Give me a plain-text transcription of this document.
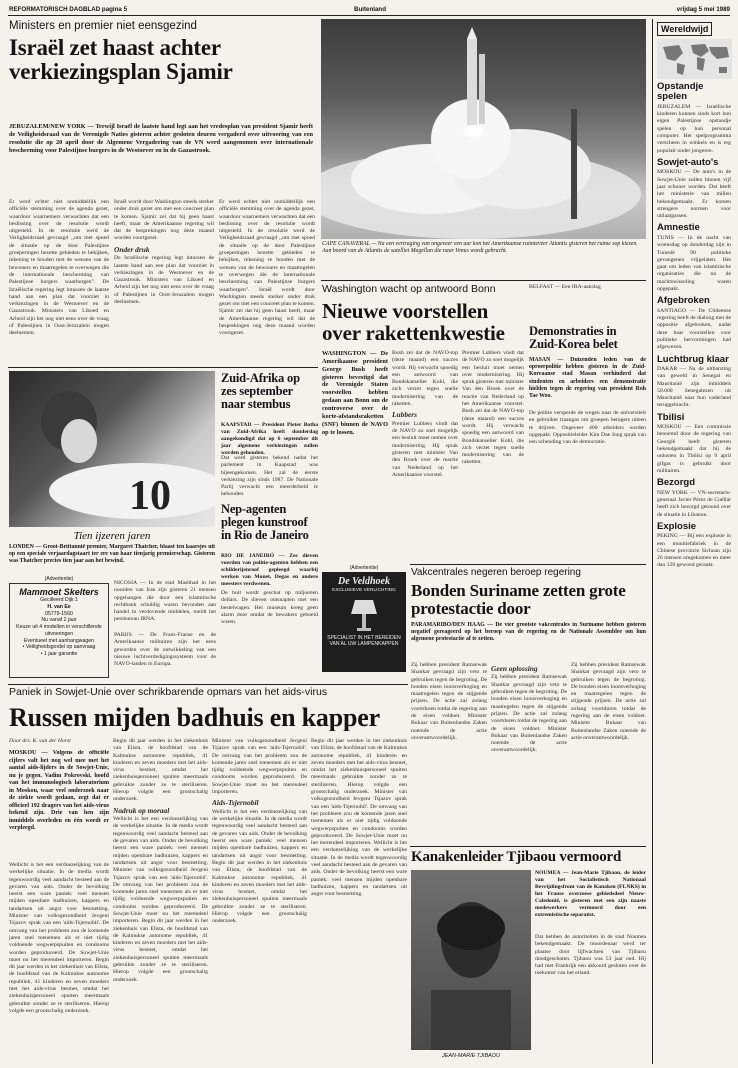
REFORMATORISCH DAGBLAD pagina 5	Buitenland	vrijdag 5 mei 1989
Ministers en premier niet eensgezind
Israël zet haast achter verkiezingsplan Sjamir
JERUZALEM/NEW YORK — Terwijl Israël de laatste hand legt aan het vredesplan van president Sjamir heeft de Veiligheidsraad van de Verenigde Naties gisteren achter gesloten deuren vergaderd over uitvoering van een resolutie die op 20 april door de Algemene Vergadering van de VN werd aangenomen over internationale bescherming voor Palestijnse burgers in de Westoever en in de Gazastrook.
Er werd echter niet onmiddellijk een officiële stemming over de agenda gezet, waardoor waarnemers verwachten dat een beslissing over de resolutie wordt uitgesteld. In de resolutie werd de Veiligheidsraad gevraagd ,,om met spoed de situatie op de door Palestijnse groeperingen bezette gebieden te bekijken, rekening te houden met de wensen van de bewoners en maatregelen te overwegen die de internationale bescherming van Palestijnse burgers waarborgen''. De Israëlische regering legt intussen de laatste hand aan een plan dat voorziet in verkiezingen in de Westoever en de Gazastrook. Ministers van Likoed en Arbeid zijn het nog niet eens over de vraag of Palestijnen in Oost-Jeruzalem mogen deelnemen.
Israël wordt door Washington steeds sterker onder druk gezet om met een concreet plan te komen. Sjamir zei dat hij geen haast heeft, maar de Amerikaanse regering wil dat de besprekingen nog deze maand worden voortgezet.
Onder druk
De Israëlische regering legt intussen de laatste hand aan een plan dat voorziet in verkiezingen in de Westoever en de Gazastrook. Ministers van Likoed en Arbeid zijn het nog niet eens over de vraag of Palestijnen in Oost-Jeruzalem mogen deelnemen.
Er werd echter niet onmiddellijk een officiële stemming over de agenda gezet, waardoor waarnemers verwachten dat een beslissing over de resolutie wordt uitgesteld. In de resolutie werd de Veiligheidsraad gevraagd ,,om met spoed de situatie op de door Palestijnse groeperingen bezette gebieden te bekijken, rekening te houden met de wensen van de bewoners en maatregelen te overwegen die de internationale bescherming van Palestijnse burgers waarborgen''. Israël wordt door Washington steeds sterker onder druk gezet om met een concreet plan te komen. Sjamir zei dat hij geen haast heeft, maar de Amerikaanse regering wil dat de besprekingen nog deze maand worden voortgezet.
CAPE CANAVERAL — Na een vertraging van ongeveer een uur kon het Amerikaanse ruimteveer Atlantis gisteren het ruime sop kiezen. Aan boord van de Atlantis de satelliet Magellan die naar Venus wordt gebracht.
Washington wacht op antwoord Bonn
Nieuwe voorstellen over rakettenkwestie
WASHINGTON — De Amerikaanse president George Bush heeft gisteren bevestigd dat de Verenigde Staten voorstellen hebben gedaan aan Bonn om de controverse over de korte-afstandsraketten (SNF) binnen de NAVO op te lossen.
Bush zei dat de NAVO-top (deze maand) een succes wordt. Hij verwacht spoedig een antwoord van Bondskanselier Kohl, die zich verzet tegen snelle modernisering van de raketten.
Lubbers
Premier Lubbers vindt dat de NAVO zo snel mogelijk een besluit moet nemen over modernisering. Hij sprak gisteren met minister Van den Broek over de reactie van Nederland op het Amerikaanse voorstel.
Premier Lubbers vindt dat de NAVO zo snel mogelijk een besluit moet nemen over modernisering. Hij sprak gisteren met minister Van den Broek over de reactie van Nederland op het Amerikaanse voorstel. Bush zei dat de NAVO-top (deze maand) een succes wordt. Hij verwacht spoedig een antwoord van Bondskanselier Kohl, die zich verzet tegen snelle modernisering van de raketten.
BELFAST — Een IRA-aanslag
Demonstraties in Zuid-Korea belet
MASAN — Duizenden leden van de oproerpolitie hebben gisteren in de Zuid-Koreaanse stad Masan verhinderd dat studenten en arbeiders een demonstratie hielden tegen de regering van president Roh Tae Woo.
De politie versperde de wegen naar de universiteit en gebruikte traangas om groepen betogers uiteen te drijven. Ongeveer 400 arbeiders werden opgepakt. Oppositieleider Kim Dae Jung sprak van een schending van de democratie.
10
Tien ijzeren jaren
LONDEN — Groot-Brittannië premier, Margaret Thatcher, blaast ten kaarsjes uit op een speciale verjaardagstaart ter ere van haar tienjarig premierschap. Gisteren was Thatcher precies tien jaar aan het bewind.
Zuid-Afrika op zes september naar stembus
KAAPSTAD — President Pieter Botha van Zuid-Afrika heeft donderdag aangekondigd dat op 6 september dit jaar algemene verkiezingen zullen worden gehouden.
Dat werd gisteren bekend nadat het parlement in Kaapstad was bijeengekomen. Het zal de eerste verkiezing zijn sinds 1987. De Nationale Partij verwacht een meerderheid te behouden.
Nep-agenten plegen kunstroof in Rio de Janeiro
RIO DE JANEIRO — Zes dieven voerden van politie-agenten hebben een schilderijenroof gepleegd waarbij werken van Monet, Degas en andere meesters verdwenen.
De buit wordt geschat op miljoenen dollars. De dieven ontsnapten met een bestelwagen. Het museum kreeg geen alarm door omdat de bewakers geboeid waren.
(Advertentie)
Mammoet Skelters
Gecilleerd Dijk 1
H. van Ee
05779-1560
Nu vanaf 2 jaar
Keuze uit 4 modellen in verschillende uitvoeringen
Eventueel met aanhangwagen
• Veiligheidsgordel op aanvraag
• 1 jaar garantie
NICOSIA — In de stad Mashhad in het noorden van Iran zijn gisteren 21 mensen opgehangen die door een islamitische rechtbank schuldig waren bevonden aan handel in verdovende middelen, meldt het persbureau IRNA.
PARIJS — De Frans-Franse en de Amerikaanse militairen zijn het eens geworden over de ontwikkeling van een nieuwe luchtverdedigingssysteem voor de NAVO-landen in Europa.
(Advertentie)
De Veldhoek
EXCLUSIEVE VERLICHTING
SPECIALIST IN HET BEREIDEN VAN AL UW LAMPENKAPPEN
Vakcentrales negeren beroep regering
Bonden Suriname zetten grote protestactie door
PARAMARIBO/DEN HAAG — De vier grootste vakcentrales in Suriname hebben gisteren negatief gereageerd op het beroep van de regering en de Nationale Assemblee om hun algemene protestactie af te zetten.
Zij hebben president Ramsewak Shankar gevraagd zijn veto te gebruiken tegen de begroting. De bonden eisen loonsverhoging en maatregelen tegen de stijgende prijzen. De actie zal zolang voortduren totdat de regering aan de eisen voldoet. Minister Bukaar van Buitenlandse Zaken noemde de actie onverantwoordelijk.
Geen oplossing
Zij hebben president Ramsewak Shankar gevraagd zijn veto te gebruiken tegen de begroting. De bonden eisen loonsverhoging en maatregelen tegen de stijgende prijzen. De actie zal zolang voortduren totdat de regering aan de eisen voldoet. Minister Bukaar van Buitenlandse Zaken noemde de actie onverantwoordelijk.
Zij hebben president Ramsewak Shankar gevraagd zijn veto te gebruiken tegen de begroting. De bonden eisen loonsverhoging en maatregelen tegen de stijgende prijzen. De actie zal zolang voortduren totdat de regering aan de eisen voldoet. Minister Bukaar van Buitenlandse Zaken noemde de actie onverantwoordelijk.
Paniek in Sowjet-Unie over schrikbarende opmars van het aids-virus
Russen mijden badhuis en kapper
Door drs. K. van der Horst
MOSKOU — Volgens de officiële cijfers valt het nog wel mee met het aantal aids-lijders in de Sowjet-Unie, nu je gegen. Vadim Pokrovski, hoofd van het immunologisch laboratorium in Moskou, waar veel onderzoek naar de ziekte wordt gedaan, zegt dat er officieel 192 dragers van het aids-virus bekend zijn. Drie van hen zijn inmiddels overleden en één wordt er verpleegd.
Wellicht is het een verdoezelijking van de werkelijke situatie. In de media wordt tegenwoordig veel aandacht besteed aan de gevaren van aids. Onder de bevolking heerst een ware paniek: veel mensen mijden openbare badhuizen, kappers en tandartsen uit angst voor besmetting. Minister van volksgezondheid Jevgeni Tsjazov sprak van een 'aids-Tsjernobil'. De omvang van het probleem zou de komende jaren snel toenemen als er niet tijdig voldoende wegwerpspuiten en condooms worden geproduceerd. De Sowjet-Unie moet nu het merendeel importeren. Begin dit jaar werden in het ziekenhuis van Elista, de hoofdstad van de Kalmukse autonome republiek, 41 kinderen en zeven moeders met het aids-virus besmet, omdat het ziekenhuispersoneel spuiten meermaals gebruikte zonder ze te steriliseren. Hierop volgde een grootschalig onderzoek.
Begin dit jaar werden in het ziekenhuis van Elista, de hoofdstad van de Kalmukse autonome republiek, 41 kinderen en zeven moeders met het aids-virus besmet, omdat het ziekenhuispersoneel spuiten meermaals gebruikte zonder ze te steriliseren. Hierop volgde een grootschalig onderzoek.
Nadruk op moraal
Wellicht is het een verdoezelijking van de werkelijke situatie. In de media wordt tegenwoordig veel aandacht besteed aan de gevaren van aids. Onder de bevolking heerst een ware paniek: veel mensen mijden openbare badhuizen, kappers en tandartsen uit angst voor besmetting. Minister van volksgezondheid Jevgeni Tsjazov sprak van een 'aids-Tsjernobil'. De omvang van het probleem zou de komende jaren snel toenemen als er niet tijdig voldoende wegwerpspuiten en condooms worden geproduceerd. De Sowjet-Unie moet nu het merendeel importeren. Begin dit jaar werden in het ziekenhuis van Elista, de hoofdstad van de Kalmukse autonome republiek, 41 kinderen en zeven moeders met het aids-virus besmet, omdat het ziekenhuispersoneel spuiten meermaals gebruikte zonder ze te steriliseren. Hierop volgde een grootschalig onderzoek.
Minister van volksgezondheid Jevgeni Tsjazov sprak van een 'aids-Tsjernobil'. De omvang van het probleem zou de komende jaren snel toenemen als er niet tijdig voldoende wegwerpspuiten en condooms worden geproduceerd. De Sowjet-Unie moet nu het merendeel importeren.
Aids-Tsjernobil
Wellicht is het een verdoezelijking van de werkelijke situatie. In de media wordt tegenwoordig veel aandacht besteed aan de gevaren van aids. Onder de bevolking heerst een ware paniek: veel mensen mijden openbare badhuizen, kappers en tandartsen uit angst voor besmetting. Begin dit jaar werden in het ziekenhuis van Elista, de hoofdstad van de Kalmukse autonome republiek, 41 kinderen en zeven moeders met het aids-virus besmet, omdat het ziekenhuispersoneel spuiten meermaals gebruikte zonder ze te steriliseren. Hierop volgde een grootschalig onderzoek.
Begin dit jaar werden in het ziekenhuis van Elista, de hoofdstad van de Kalmukse autonome republiek, 41 kinderen en zeven moeders met het aids-virus besmet, omdat het ziekenhuispersoneel spuiten meermaals gebruikte zonder ze te steriliseren. Hierop volgde een grootschalig onderzoek. Minister van volksgezondheid Jevgeni Tsjazov sprak van een 'aids-Tsjernobil'. De omvang van het probleem zou de komende jaren snel toenemen als er niet tijdig voldoende wegwerpspuiten en condooms worden geproduceerd. De Sowjet-Unie moet nu het merendeel importeren. Wellicht is het een verdoezelijking van de werkelijke situatie. In de media wordt tegenwoordig veel aandacht besteed aan de gevaren van aids. Onder de bevolking heerst een ware paniek: veel mensen mijden openbare badhuizen, kappers en tandartsen uit angst voor besmetting.
Kanakenleider Tjibaou vermoord
JEAN-MARIE TJIBAOU
NOUMEA — Jean-Marie Tjibaou, de leider van het Socialistisch Nationaal Bevrijdingsfront van de Kanaken (FLNKS) in het Franse overzeese gebiedsdeel Nieuw-Caledonië, is gisteren met een zijn naaste medewerkers vermoord door een extremistische separatist.
Dat hebben de autoriteiten in de stad Noumea bekendgemaakt. De moordenaar werd ter plaatse door lijfwachten van Tjibaou doodgeschoten. Tjibaou was 53 jaar oud. Hij had met Frankrijk een akkoord gesloten over de toekomst van het eiland.
Wereldwijd
Opstandje spelen
JERUZALEM — Israëlische kinderen kunnen sinds kort hun eigen Palestijnse opstandje spelen op hun personal computer. Het spelprogramma verscheen in winkels en is erg populair onder jongeren.
Sowjet-auto's
MOSKOU — De auto's in de Sowjet-Unie zullen binnen vijf jaar schoner worden. Dat heeft het ministerie van milieu bekendgemaakt. Er komen strengere normen voor uitlaatgassen.
Amnestie
TUNIS — In de nacht van woensdag op donderdag zijn in Tunesië 90 politieke gevangenen vrijgelaten. Het gaat om leden van islamitische organisaties die na de machtswisseling waren opgepakt.
Afgebroken
SANTIAGO — De Chileense regering heeft de dialoog met de oppositie afgebroken, nadat deze haar voorstellen voor politieke hervormingen had afgewezen.
Luchtbrug klaar
DAKAR — Na de uitbarsting van geweld in Senegal en Mauritanië zijn inmiddels 50.000 Senegalezen uit Mauritanië naar hun vaderland teruggebracht.
Tbilisi
MOSKOU — Een commissie benoemd door de regering van Georgië heeft gisteren bekendgemaakt dat bij de onlusten in Tbilisi op 9 april gifgas is gebruikt door militairen.
Bezorgd
NEW YORK — VN-secretaris-generaal Javier Pérez de Cuéllar heeft zich bezorgd getoond over de situatie in Libanon.
Explosie
PEKING — Bij een explosie in een munitiefabriek in de Chinese provincie Sichuan zijn 26 mensen omgekomen en meer dan 120 gewond geraakt.
